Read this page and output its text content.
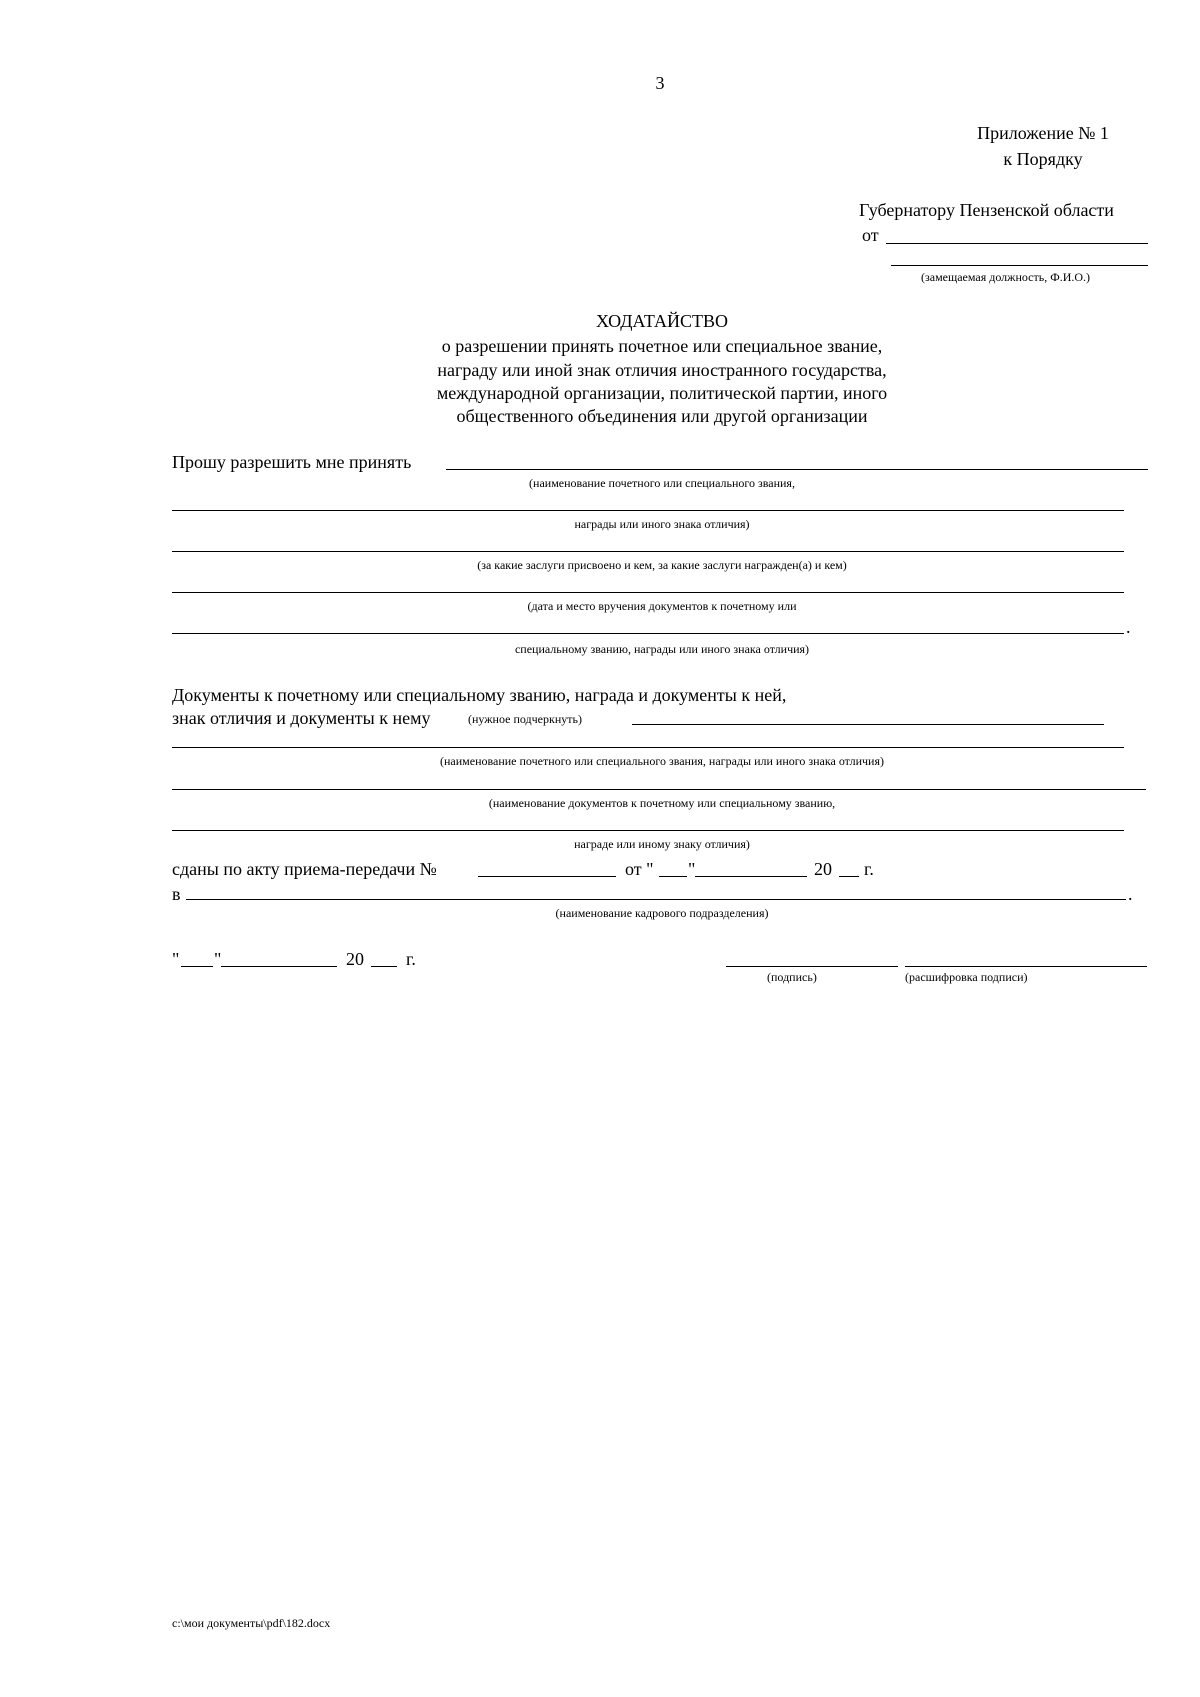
3
Приложение № 1
к Порядку
Губернатору Пензенской области
от
(замещаемая должность, Ф.И.О.)
ХОДАТАЙСТВО
о разрешении принять почетное или специальное звание,
награду или иной знак отличия иностранного государства,
международной организации, политической партии, иного
общественного объединения или другой организации
Прошу разрешить мне принять
(наименование почетного или специального звания,
награды или иного знака отличия)
(за какие заслуги присвоено и кем, за какие заслуги награжден(а) и кем)
(дата и место вручения документов к почетному или
.
специальному званию, награды или иного знака отличия)
Документы к почетному или специальному званию, награда и документы к ней,
знак отличия и документы к нему	(нужное подчеркнуть)
(наименование почетного или специального звания, награды или иного знака отличия)
(наименование документов к почетному или специальному званию,
награде или иному знаку отличия)
сданы по акту приема-передачи №	от " "	20 г.
в	.
(наименование кадрового подразделения)
" "	20 г.
(подпись)	(расшифровка подписи)
c:\мои документы\pdf\182.docx
